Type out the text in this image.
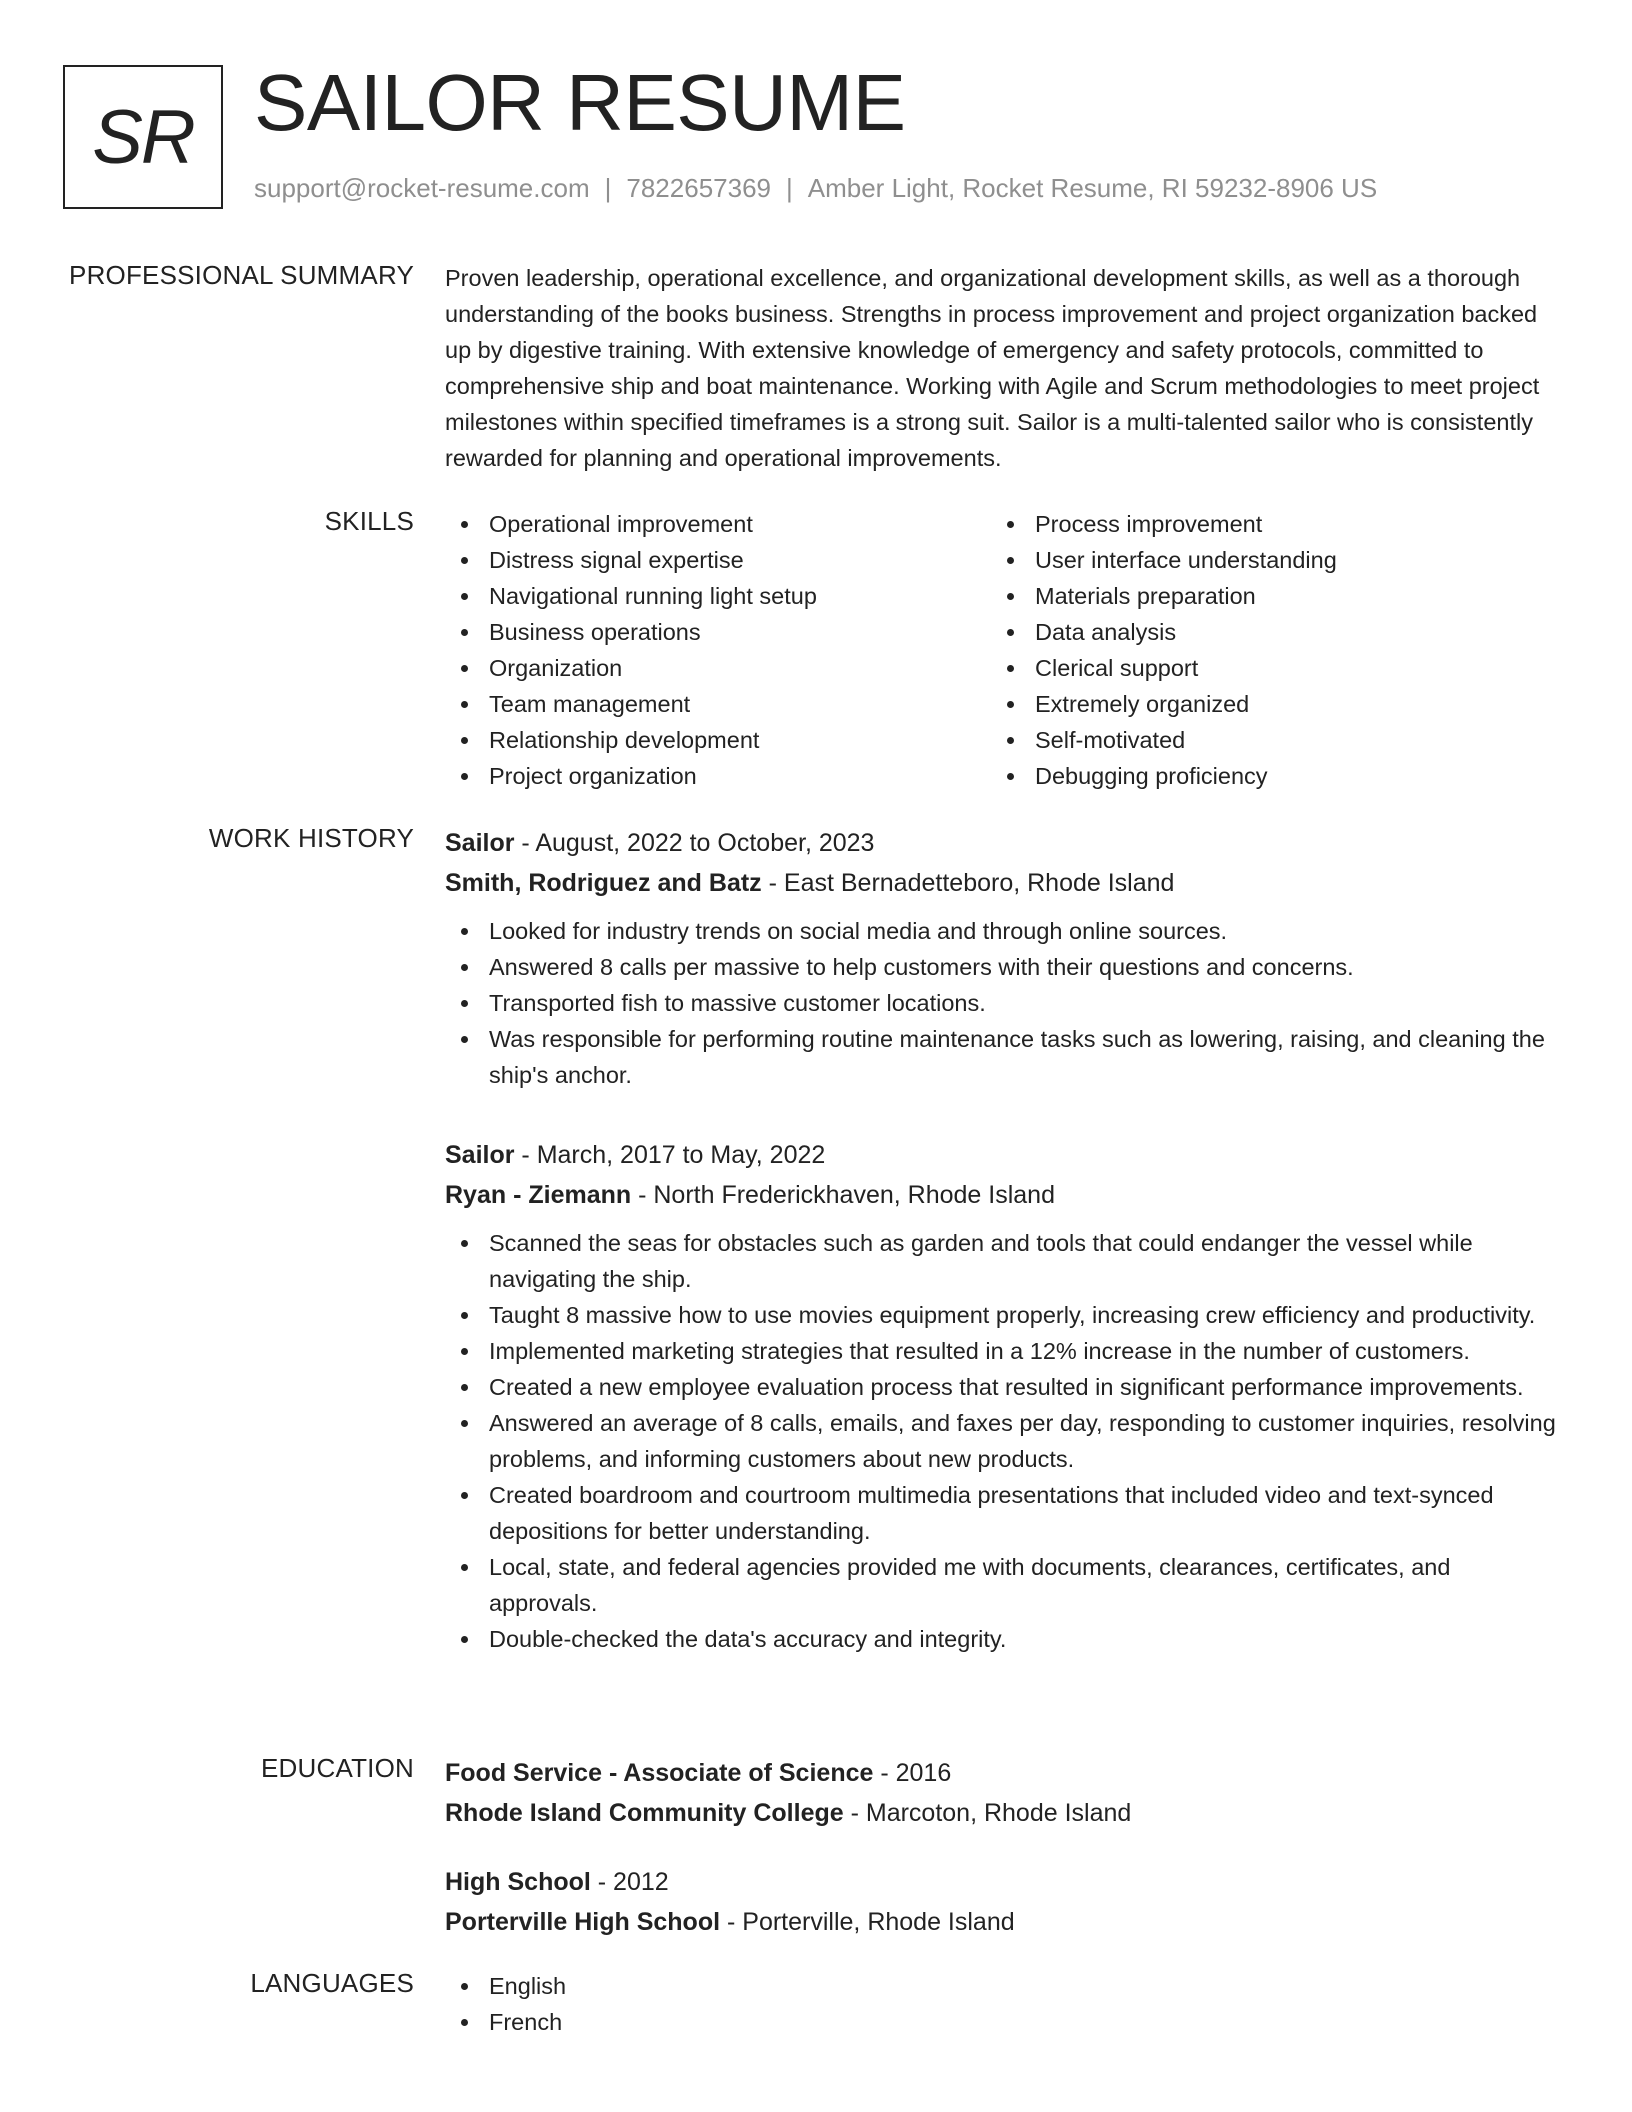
SR SAILOR RESUME
support@rocket-resume.com | 7822657369 | Amber Light, Rocket Resume, RI 59232-8906 US
PROFESSIONAL SUMMARY Proven leadership, operational excellence, and organizational development skills, as well as a thorough understanding of the books business. Strengths in process improvement and project organization backed up by digestive training. With extensive knowledge of emergency and safety protocols, committed to comprehensive ship and boat maintenance. Working with Agile and Scrum methodologies to meet project milestones within specified timeframes is a strong suit. Sailor is a multi-talented sailor who is consistently rewarded for planning and operational improvements.

SKILLS	Operational improvement
Distress signal expertise
Navigational running light setup
Business operations
Organization
Team management
Relationship development
Project organization
Process improvement
User interface understanding
Materials preparation
Data analysis
Clerical support
Extremely organized
Self-motivated
Debugging proficiency
WORK HISTORY Sailor - August, 2022 to October, 2023
Smith, Rodriguez and Batz - East Bernadetteboro, Rhode Island
Looked for industry trends on social media and through online sources.
Answered 8 calls per massive to help customers with their questions and concerns.
Transported fish to massive customer locations.
Was responsible for performing routine maintenance tasks such as lowering, raising, and cleaning the ship's anchor.
Sailor - March, 2017 to May, 2022
Ryan - Ziemann - North Frederickhaven, Rhode Island
Scanned the seas for obstacles such as garden and tools that could endanger the vessel while navigating the ship.
Taught 8 massive how to use movies equipment properly, increasing crew efficiency and productivity.
Implemented marketing strategies that resulted in a 12% increase in the number of customers.
Created a new employee evaluation process that resulted in significant performance improvements.
Answered an average of 8 calls, emails, and faxes per day, responding to customer inquiries, resolving problems, and informing customers about new products.
Created boardroom and courtroom multimedia presentations that included video and text-synced depositions for better understanding.
Local, state, and federal agencies provided me with documents, clearances, certificates, and approvals.
Double-checked the data's accuracy and integrity.
EDUCATION Food Service - Associate of Science - 2016
Rhode Island Community College - Marcoton, Rhode Island
High School - 2012
Porterville High School - Porterville, Rhode Island
LANGUAGES	English
French
